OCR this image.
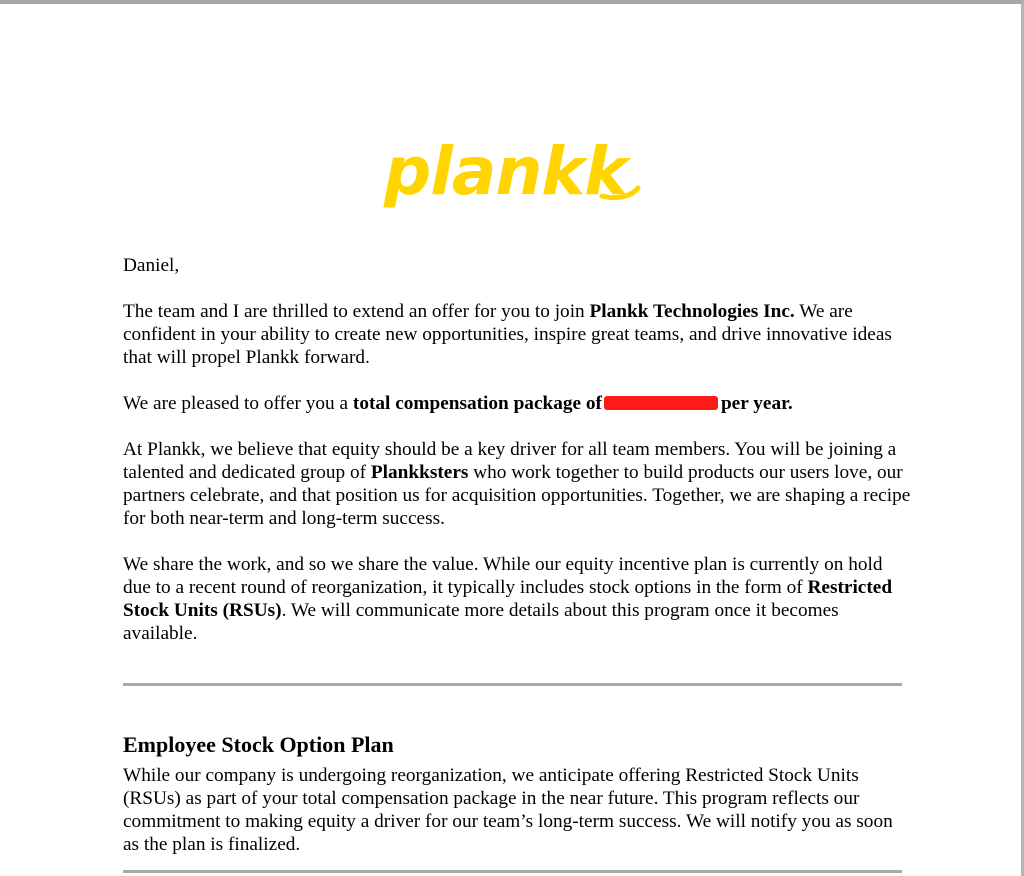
plankk

Daniel,

The team and I are thrilled to extend an offer for you to join Plankk Technologies Inc. We are confident in your ability to create new opportunities, inspire great teams, and drive innovative ideas that will propel Plankk forward.

We are pleased to offer you a total compensation package of	per year.

At Plankk, we believe that equity should be a key driver for all team members. You will be joining a talented and dedicated group of Plankksters who work together to build products our users love, our partners celebrate, and that position us for acquisition opportunities. Together, we are shaping a recipe for both near-term and long-term success.

We share the work, and so we share the value. While our equity incentive plan is currently on hold due to a recent round of reorganization, it typically includes stock options in the form of Restricted Stock Units (RSUs). We will communicate more details about this program once it becomes available.

Employee Stock Option Plan

While our company is undergoing reorganization, we anticipate offering Restricted Stock Units (RSUs) as part of your total compensation package in the near future. This program reflects our commitment to making equity a driver for our team’s long-term success. We will notify you as soon as the plan is finalized.
